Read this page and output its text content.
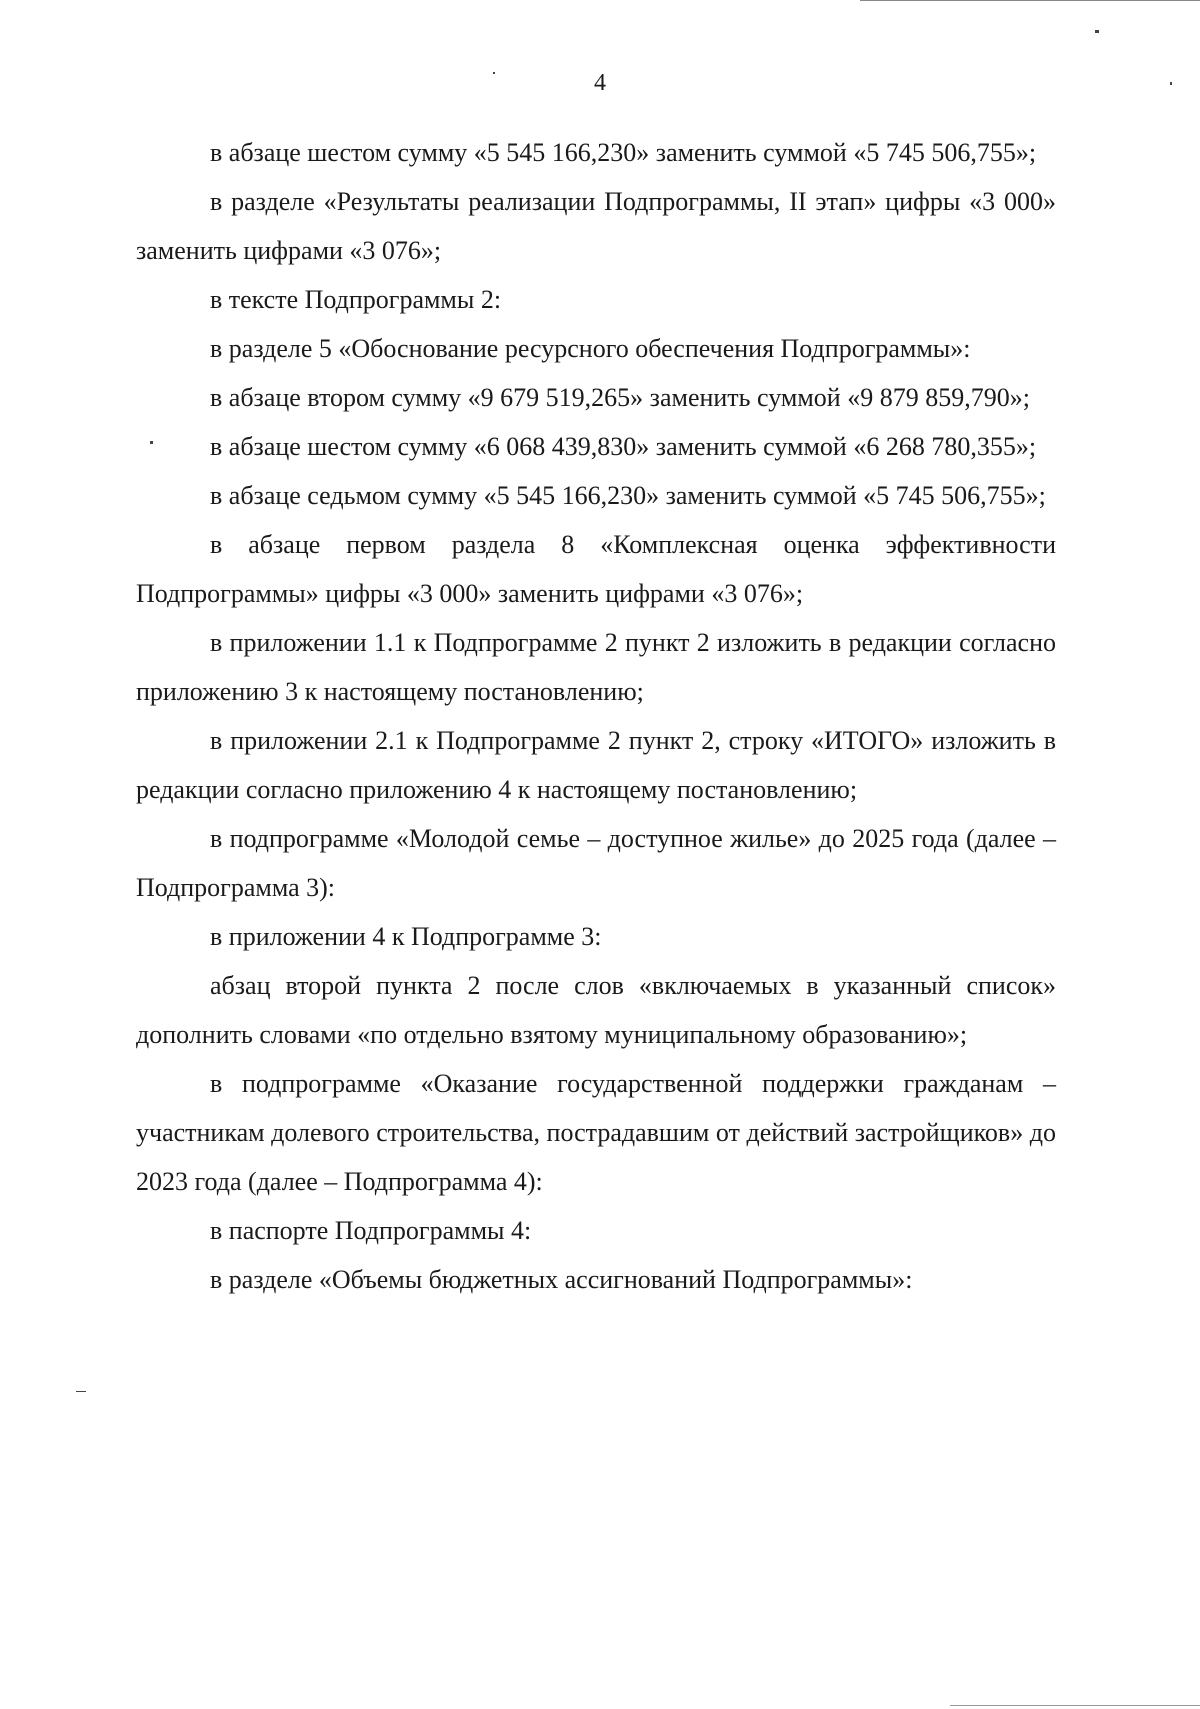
4

в абзаце шестом сумму «5 545 166,230» заменить суммой «5 745 506,755»;

в разделе «Результаты реализации Подпрограммы, II этап» цифры «3 000» заменить цифрами «3 076»;

в тексте Подпрограммы 2:

в разделе 5 «Обоснование ресурсного обеспечения Подпрограммы»:

в абзаце втором сумму «9 679 519,265» заменить суммой «9 879 859,790»;

в абзаце шестом сумму «6 068 439,830» заменить суммой «6 268 780,355»;

в абзаце седьмом сумму «5 545 166,230» заменить суммой «5 745 506,755»;

в абзаце первом раздела 8 «Комплексная оценка эффективности Подпрограммы» цифры «3 000» заменить цифрами «3 076»;

в приложении 1.1 к Подпрограмме 2 пункт 2 изложить в редакции согласно приложению 3 к настоящему постановлению;

в приложении 2.1 к Подпрограмме 2 пункт 2, строку «ИТОГО» изложить в редакции согласно приложению 4 к настоящему постановлению;

в подпрограмме «Молодой семье – доступное жилье» до 2025 года (далее – Подпрограмма 3):

в приложении 4 к Подпрограмме 3:

абзац второй пункта 2 после слов «включаемых в указанный список» дополнить словами «по отдельно взятому муниципальному образованию»;

в подпрограмме «Оказание государственной поддержки гражданам – участникам долевого строительства, пострадавшим от действий застройщиков» до 2023 года (далее – Подпрограмма 4):

в паспорте Подпрограммы 4:

в разделе «Объемы бюджетных ассигнований Подпрограммы»:
